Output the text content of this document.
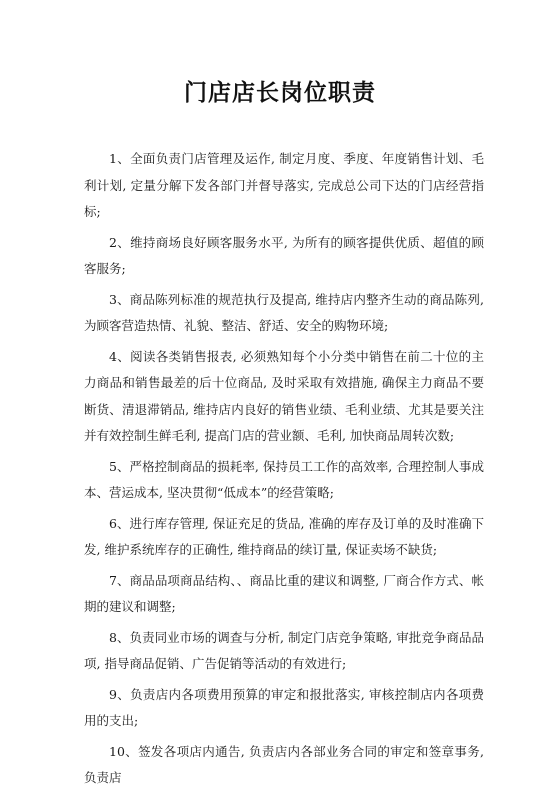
门店店长岗位职责

1、全面负责门店管理及运作, 制定月度、季度、年度销售计划、毛利计划, 定量分解下发各部门并督导落实, 完成总公司下达的门店经营指标;

2、维持商场良好顾客服务水平, 为所有的顾客提供优质、超值的顾客服务;

3、商品陈列标准的规范执行及提高, 维持店内整齐生动的商品陈列, 为顾客营造热情、礼貌、整洁、舒适、安全的购物环境;

4、阅读各类销售报表, 必须熟知每个小分类中销售在前二十位的主力商品和销售最差的后十位商品, 及时采取有效措施, 确保主力商品不要断货、清退滞销品, 维持店内良好的销售业绩、毛利业绩、尤其是要关注并有效控制生鲜毛利, 提高门店的营业额、毛利, 加快商品周转次数;

5、严格控制商品的损耗率, 保持员工工作的高效率, 合理控制人事成本、营运成本, 坚决贯彻“低成本”的经营策略;

6、进行库存管理, 保证充足的货品, 准确的库存及订单的及时准确下发, 维护系统库存的正确性, 维持商品的续订量, 保证卖场不缺货;

7、商品品项商品结构、、商品比重的建议和调整, 厂商合作方式、帐期的建议和调整;

8、负责同业市场的调查与分析, 制定门店竞争策略, 审批竞争商品品项, 指导商品促销、广告促销等活动的有效进行;

9、负责店内各项费用预算的审定和报批落实, 审核控制店内各项费用的支出;

10、签发各项店内通告, 负责店内各部业务合同的审定和签章事务, 负责店
